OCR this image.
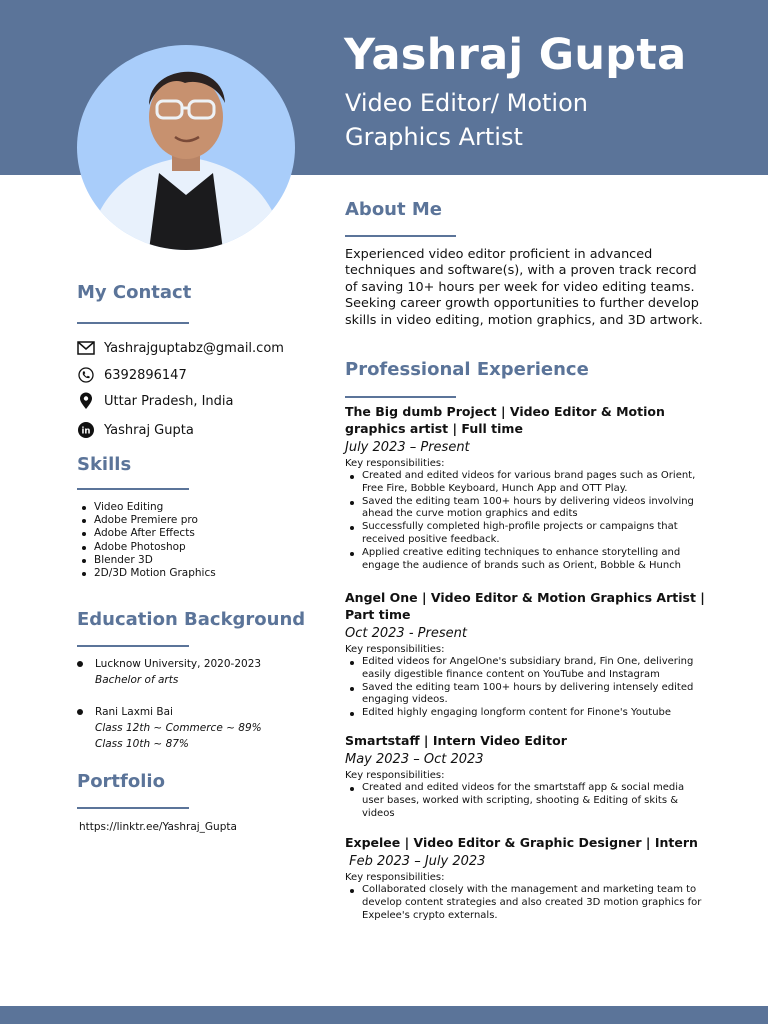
Yashraj Gupta
Video Editor/ Motion Graphics Artist
My Contact
Yashrajguptabz@gmail.com
6392896147
Uttar Pradesh, India
in Yashraj Gupta
Skills
Video Editing
Adobe Premiere pro
Adobe After Effects
Adobe Photoshop
Blender 3D
2D/3D Motion Graphics
Education Background
Lucknow University, 2020-2023
Bachelor of arts
Rani Laxmi Bai
Class 12th ~ Commerce ~ 89%
Class 10th ~ 87%
Portfolio
https://linktr.ee/Yashraj_Gupta
About Me
Experienced video editor proficient in advanced techniques and software(s), with a proven track record of saving 10+ hours per week for video editing teams. Seeking career growth opportunities to further develop skills in video editing, motion graphics, and 3D artwork.
Professional Experience
The Big dumb Project | Video Editor & Motion graphics artist | Full time
July 2023 – Present
Key responsibilities:
Created and edited videos for various brand pages such as Orient, Free Fire, Bobble Keyboard, Hunch App and OTT Play.
Saved the editing team 100+ hours by delivering videos involving ahead the curve motion graphics and edits
Successfully completed high-profile projects or campaigns that received positive feedback.
Applied creative editing techniques to enhance storytelling and engage the audience of brands such as Orient, Bobble & Hunch
Angel One | Video Editor & Motion Graphics Artist | Part time
Oct 2023 - Present
Key responsibilities:
Edited videos for AngelOne's subsidiary brand, Fin One, delivering easily digestible finance content on YouTube and Instagram
Saved the editing team 100+ hours by delivering intensely edited engaging videos.
Edited highly engaging longform content for Finone's Youtube
Smartstaff | Intern Video Editor
May 2023 – Oct 2023
Key responsibilities:
Created and edited videos for the smartstaff app & social media user bases, worked with scripting, shooting & Editing of skits & videos
Expelee | Video Editor & Graphic Designer | Intern
Feb 2023 – July 2023
Key responsibilities:
Collaborated closely with the management and marketing team to develop content strategies and also created 3D motion graphics for Expelee's crypto externals.
